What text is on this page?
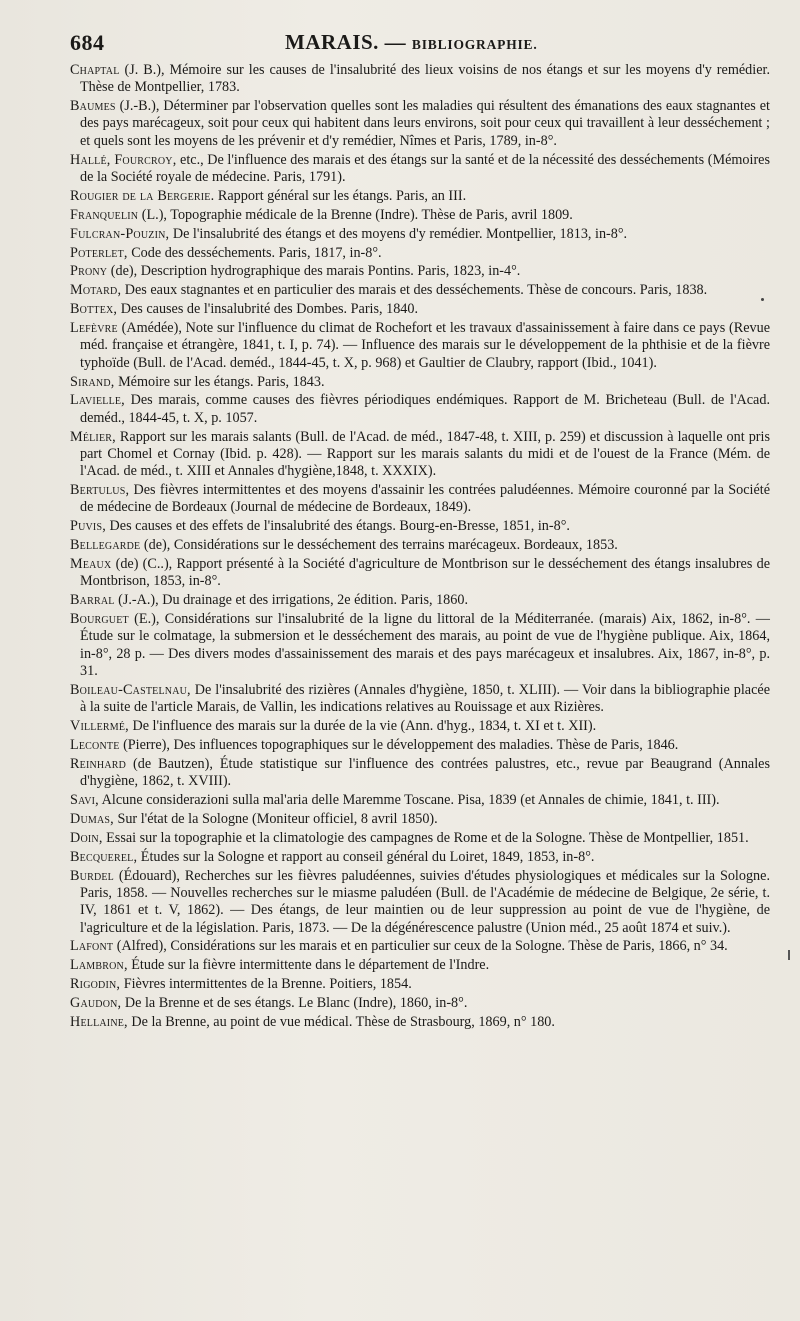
684	MARAIS. — BIBLIOGRAPHIE.

Chaptal (J. B.), Mémoire sur les causes de l'insalubrité des lieux voisins de nos étangs et sur les moyens d'y remédier. Thèse de Montpellier, 1783.

Baumes (J.-B.), Déterminer par l'observation quelles sont les maladies qui résultent des émanations des eaux stagnantes et des pays marécageux, soit pour ceux qui habitent dans leurs environs, soit pour ceux qui travaillent à leur desséchement ; et quels sont les moyens de les prévenir et d'y remédier, Nîmes et Paris, 1789, in-8°.

Hallé, Fourcroy, etc., De l'influence des marais et des étangs sur la santé et de la nécessité des desséchements (Mémoires de la Société royale de médecine. Paris, 1791).

Rougier de la Bergerie. Rapport général sur les étangs. Paris, an III.

Franquelin (L.), Topographie médicale de la Brenne (Indre). Thèse de Paris, avril 1809.

Fulcran-Pouzin, De l'insalubrité des étangs et des moyens d'y remédier. Montpellier, 1813, in-8°.

Poterlet, Code des desséchements. Paris, 1817, in-8°.

Prony (de), Description hydrographique des marais Pontins. Paris, 1823, in-4°.

Motard, Des eaux stagnantes et en particulier des marais et des desséchements. Thèse de concours. Paris, 1838.

Bottex, Des causes de l'insalubrité des Dombes. Paris, 1840.

Lefèvre (Amédée), Note sur l'influence du climat de Rochefort et les travaux d'assainissement à faire dans ce pays (Revue méd. française et étrangère, 1841, t. I, p. 74). — Influence des marais sur le développement de la phthisie et de la fièvre typhoïde (Bull. de l'Acad. deméd., 1844-45, t. X, p. 968) et Gaultier de Claubry, rapport (Ibid., 1041).

Sirand, Mémoire sur les étangs. Paris, 1843.

Lavielle, Des marais, comme causes des fièvres périodiques endémiques. Rapport de M. Bricheteau (Bull. de l'Acad. deméd., 1844-45, t. X, p. 1057.

Mélier, Rapport sur les marais salants (Bull. de l'Acad. de méd., 1847-48, t. XIII, p. 259) et discussion à laquelle ont pris part Chomel et Cornay (Ibid. p. 428). — Rapport sur les marais salants du midi et de l'ouest de la France (Mém. de l'Acad. de méd., t. XIII et Annales d'hygiène,1848, t. XXXIX).

Bertulus, Des fièvres intermittentes et des moyens d'assainir les contrées paludéennes. Mémoire couronné par la Société de médecine de Bordeaux (Journal de médecine de Bordeaux, 1849).

Puvis, Des causes et des effets de l'insalubrité des étangs. Bourg-en-Bresse, 1851, in-8°.

Bellegarde (de), Considérations sur le desséchement des terrains marécageux. Bordeaux, 1853.

Meaux (de) (C..), Rapport présenté à la Société d'agriculture de Montbrison sur le desséchement des étangs insalubres de Montbrison, 1853, in-8°.

Barral (J.-A.), Du drainage et des irrigations, 2e édition. Paris, 1860.

Bourguet (E.), Considérations sur l'insalubrité de la ligne du littoral de la Méditerranée. (marais) Aix, 1862, in-8°. — Étude sur le colmatage, la submersion et le desséchement des marais, au point de vue de l'hygiène publique. Aix, 1864, in-8°, 28 p. — Des divers modes d'assainissement des marais et des pays marécageux et insalubres. Aix, 1867, in-8°, p. 31.

Boileau-Castelnau, De l'insalubrité des rizières (Annales d'hygiène, 1850, t. XLIII). — Voir dans la bibliographie placée à la suite de l'article Marais, de Vallin, les indications relatives au Rouissage et aux Rizières.

Villermé, De l'influence des marais sur la durée de la vie (Ann. d'hyg., 1834, t. XI et t. XII).

Leconte (Pierre), Des influences topographiques sur le développement des maladies. Thèse de Paris, 1846.

Reinhard (de Bautzen), Étude statistique sur l'influence des contrées palustres, etc., revue par Beaugrand (Annales d'hygiène, 1862, t. XVIII).

Savi, Alcune considerazioni sulla mal'aria delle Maremme Toscane. Pisa, 1839 (et Annales de chimie, 1841, t. III).

Dumas, Sur l'état de la Sologne (Moniteur officiel, 8 avril 1850).

Doin, Essai sur la topographie et la climatologie des campagnes de Rome et de la Sologne. Thèse de Montpellier, 1851.

Becquerel, Études sur la Sologne et rapport au conseil général du Loiret, 1849, 1853, in-8°.

Burdel (Édouard), Recherches sur les fièvres paludéennes, suivies d'études physiologiques et médicales sur la Sologne. Paris, 1858. — Nouvelles recherches sur le miasme paludéen (Bull. de l'Académie de médecine de Belgique, 2e série, t. IV, 1861 et t. V, 1862). — Des étangs, de leur maintien ou de leur suppression au point de vue de l'hygiène, de l'agriculture et de la législation. Paris, 1873. — De la dégénérescence palustre (Union méd., 25 août 1874 et suiv.).

Lafont (Alfred), Considérations sur les marais et en particulier sur ceux de la Sologne. Thèse de Paris, 1866, n° 34.

Lambron, Étude sur la fièvre intermittente dans le département de l'Indre.

Rigodin, Fièvres intermittentes de la Brenne. Poitiers, 1854.

Gaudon, De la Brenne et de ses étangs. Le Blanc (Indre), 1860, in-8°.

Hellaine, De la Brenne, au point de vue médical. Thèse de Strasbourg, 1869, n° 180.
